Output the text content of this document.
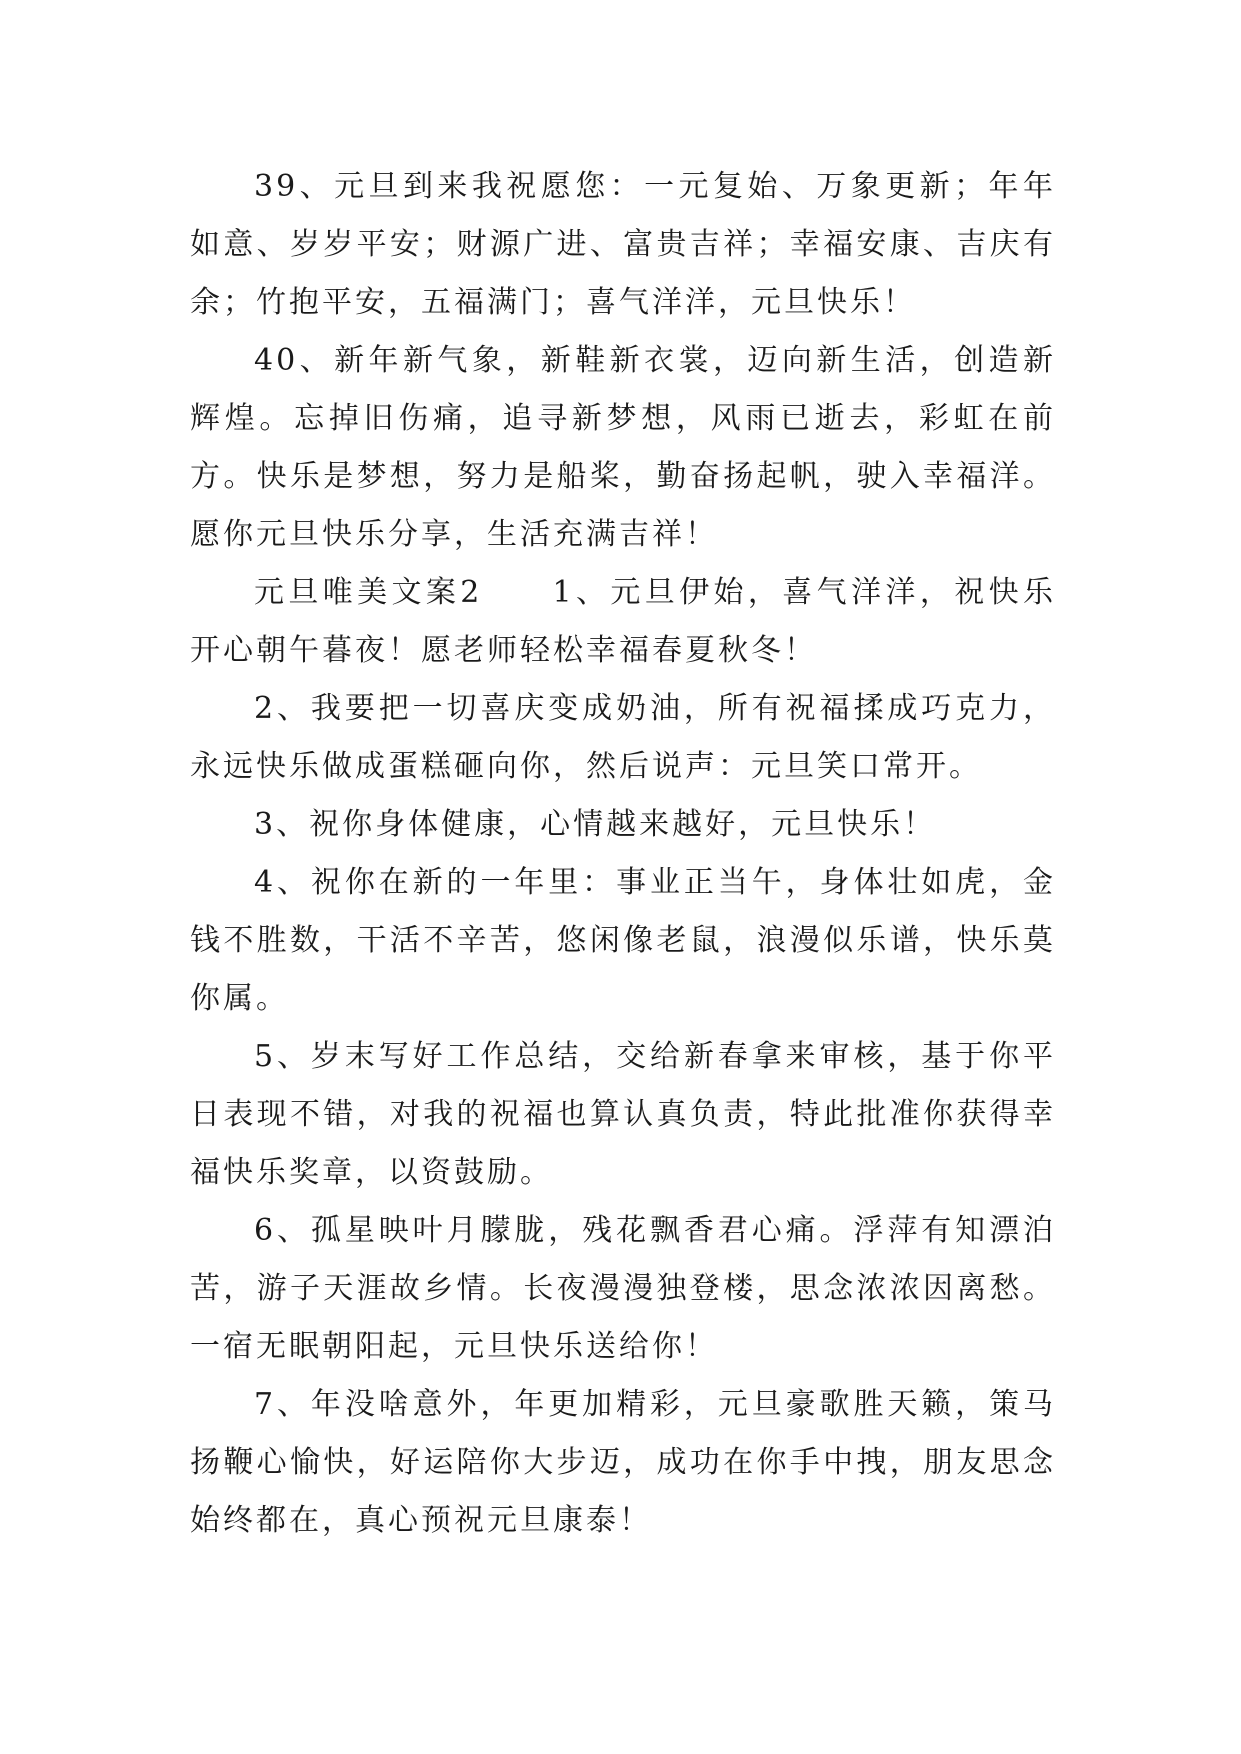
39、元旦到来我祝愿您：一元复始、万象更新；年年如意、岁岁平安；财源广进、富贵吉祥；幸福安康、吉庆有余；竹抱平安，五福满门；喜气洋洋，元旦快乐！

40、新年新气象，新鞋新衣裳，迈向新生活，创造新辉煌。忘掉旧伤痛，追寻新梦想，风雨已逝去，彩虹在前方。快乐是梦想，努力是船桨，勤奋扬起帆，驶入幸福洋。愿你元旦快乐分享，生活充满吉祥！

元旦唯美文案2　　1、元旦伊始，喜气洋洋，祝快乐开心朝午暮夜！愿老师轻松幸福春夏秋冬！

2、我要把一切喜庆变成奶油，所有祝福揉成巧克力，永远快乐做成蛋糕砸向你，然后说声：元旦笑口常开。

3、祝你身体健康，心情越来越好，元旦快乐！

4、祝你在新的一年里：事业正当午，身体壮如虎，金钱不胜数，干活不辛苦，悠闲像老鼠，浪漫似乐谱，快乐莫你属。

5、岁末写好工作总结，交给新春拿来审核，基于你平日表现不错，对我的祝福也算认真负责，特此批准你获得幸福快乐奖章，以资鼓励。

6、孤星映叶月朦胧，残花飘香君心痛。浮萍有知漂泊苦，游子天涯故乡情。长夜漫漫独登楼，思念浓浓因离愁。一宿无眠朝阳起，元旦快乐送给你！

7、年没啥意外，年更加精彩，元旦豪歌胜天籁，策马扬鞭心愉快，好运陪你大步迈，成功在你手中拽，朋友思念始终都在，真心预祝元旦康泰！
